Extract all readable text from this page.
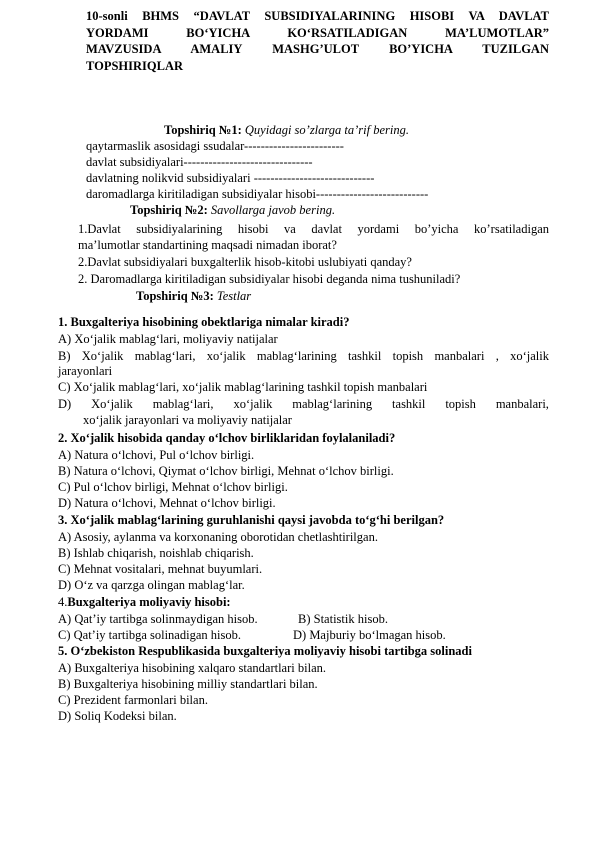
10-sonli BHMS “DAVLAT SUBSIDIYALARINING HISOBI VA DAVLAT
YORDAMI BO‘YICHA KO‘RSATILADIGAN MA’LUMOTLAR”
MAVZUSIDA AMALIY MASHG’ULOT BO’YICHA TUZILGAN
TOPSHIRIQLAR
Topshiriq №1: Quyidagi so’zlarga ta’rif bering.
qaytarmaslik asosidagi ssudalar------------------------
davlat subsidiyalari-------------------------------
davlatning nolikvid subsidiyalari -----------------------------
daromadlarga kiritiladigan subsidiyalar hisobi---------------------------
Topshiriq №2: Savollarga javob bering.
1.Davlat subsidiyalarining hisobi va davlat yordami bo’yicha ko’rsatiladigan
ma’lumotlar standartining maqsadi nimadan iborat?
2.Davlat subsidiyalari buxgalterlik hisob-kitobi uslubiyati qanday?
2. Daromadlarga kiritiladigan subsidiyalar hisobi deganda nima tushuniladi?
Topshiriq №3: Testlar
1. Buxgalteriya hisobining obektlariga nimalar kiradi?
A) Xo‘jalik mablag‘lari, moliyaviy natijalar
B) Xo‘jalik mablag‘lari, xo‘jalik mablag‘larining tashkil topish manbalari , xo‘jalik
jarayonlari
C) Xo‘jalik mablag‘lari, xo‘jalik mablag‘larining tashkil topish manbalari
D) Xo‘jalik mablag‘lari, xo‘jalik mablag‘larining tashkil topish manbalari,
xo‘jalik jarayonlari va moliyaviy natijalar
2. Xo‘jalik hisobida qanday o‘lchov birliklaridan foylalaniladi?
A) Natura o‘lchovi, Pul o‘lchov birligi.
B) Natura o‘lchovi, Qiymat o‘lchov birligi, Mehnat o‘lchov birligi.
C) Pul o‘lchov birligi, Mehnat o‘lchov birligi.
D) Natura o‘lchovi, Mehnat o‘lchov birligi.
3. Xo‘jalik mablag‘larining guruhlanishi qaysi javobda to‘g‘hi berilgan?
A) Asosiy, aylanma va korxonaning oborotidan chetlashtirilgan.
B) Ishlab chiqarish, noishlab chiqarish.
C) Mehnat vositalari, mehnat buyumlari.
D) O‘z va qarzga olingan mablag‘lar.
4.Buxgalteriya moliyaviy hisobi:
A) Qat’iy tartibga solinmaydigan hisob.	B) Statistik hisob.
C) Qat’iy tartibga solinadigan hisob.	D) Majburiy bo‘lmagan hisob.
5. O‘zbekiston Respublikasida buxgalteriya moliyaviy hisobi tartibga solinadi
A) Buxgalteriya hisobining xalqaro standartlari bilan.
B) Buxgalteriya hisobining milliy standartlari bilan.
C) Prezident farmonlari bilan.
D) Soliq Kodeksi bilan.
